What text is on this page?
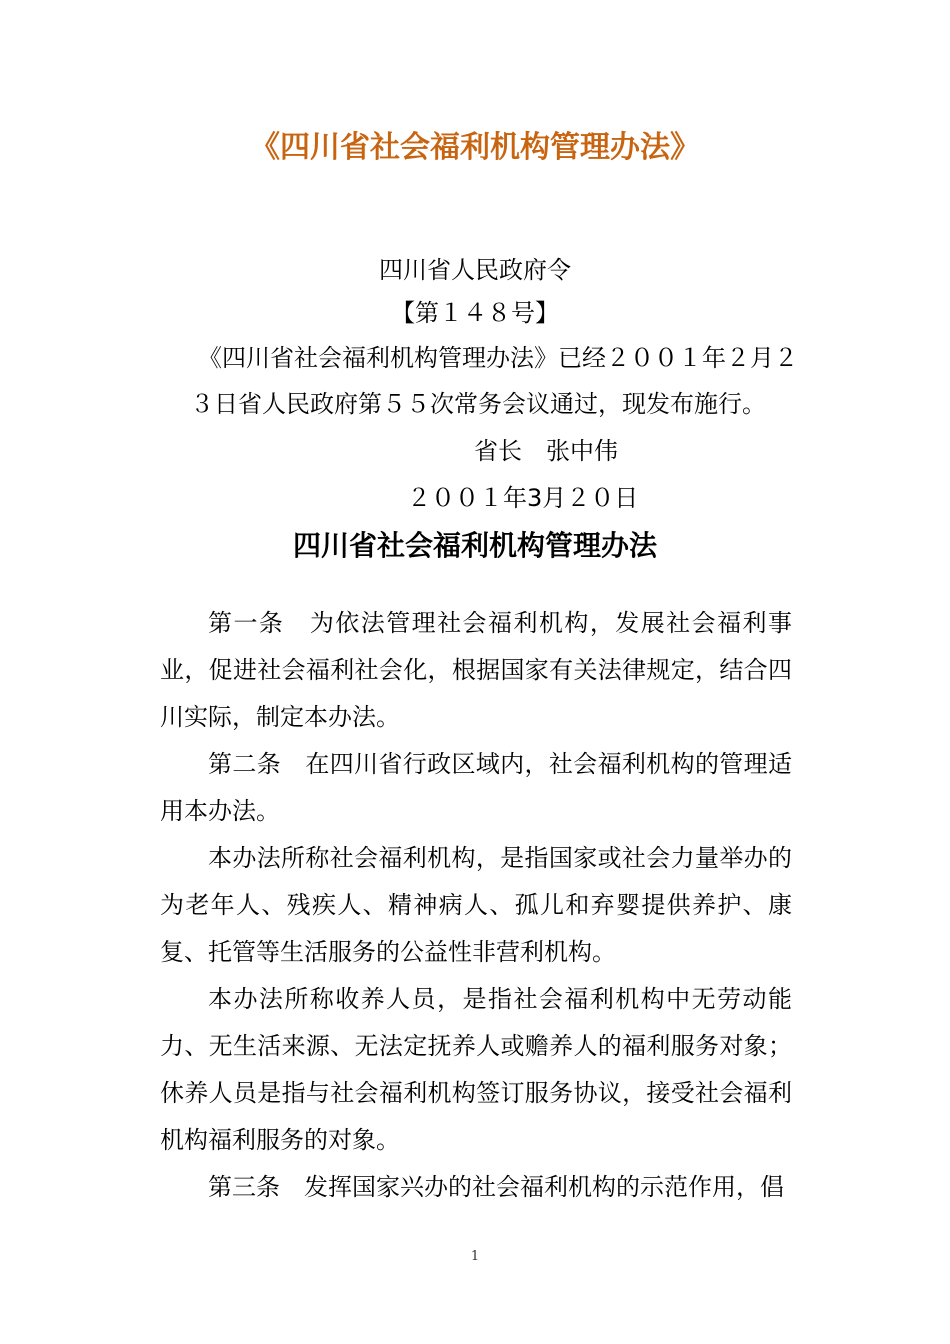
《四川省社会福利机构管理办法》
四川省人民政府令
【第１４８号】
《四川省社会福利机构管理办法》已经２００１年２月２
３日省人民政府第５５次常务会议通过，现发布施行。
省长　张中伟
２００１年3月２０日
四川省社会福利机构管理办法

第一条　为依法管理社会福利机构，发展社会福利事业，促进社会福利社会化，根据国家有关法律规定，结合四川实际，制定本办法。

第二条　在四川省行政区域内，社会福利机构的管理适用本办法。

本办法所称社会福利机构，是指国家或社会力量举办的为老年人、残疾人、精神病人、孤儿和弃婴提供养护、康复、托管等生活服务的公益性非营利机构。

本办法所称收养人员，是指社会福利机构中无劳动能力、无生活来源、无法定抚养人或赡养人的福利服务对象；休养人员是指与社会福利机构签订服务协议，接受社会福利机构福利服务的对象。

第三条　发挥国家兴办的社会福利机构的示范作用，倡

1
